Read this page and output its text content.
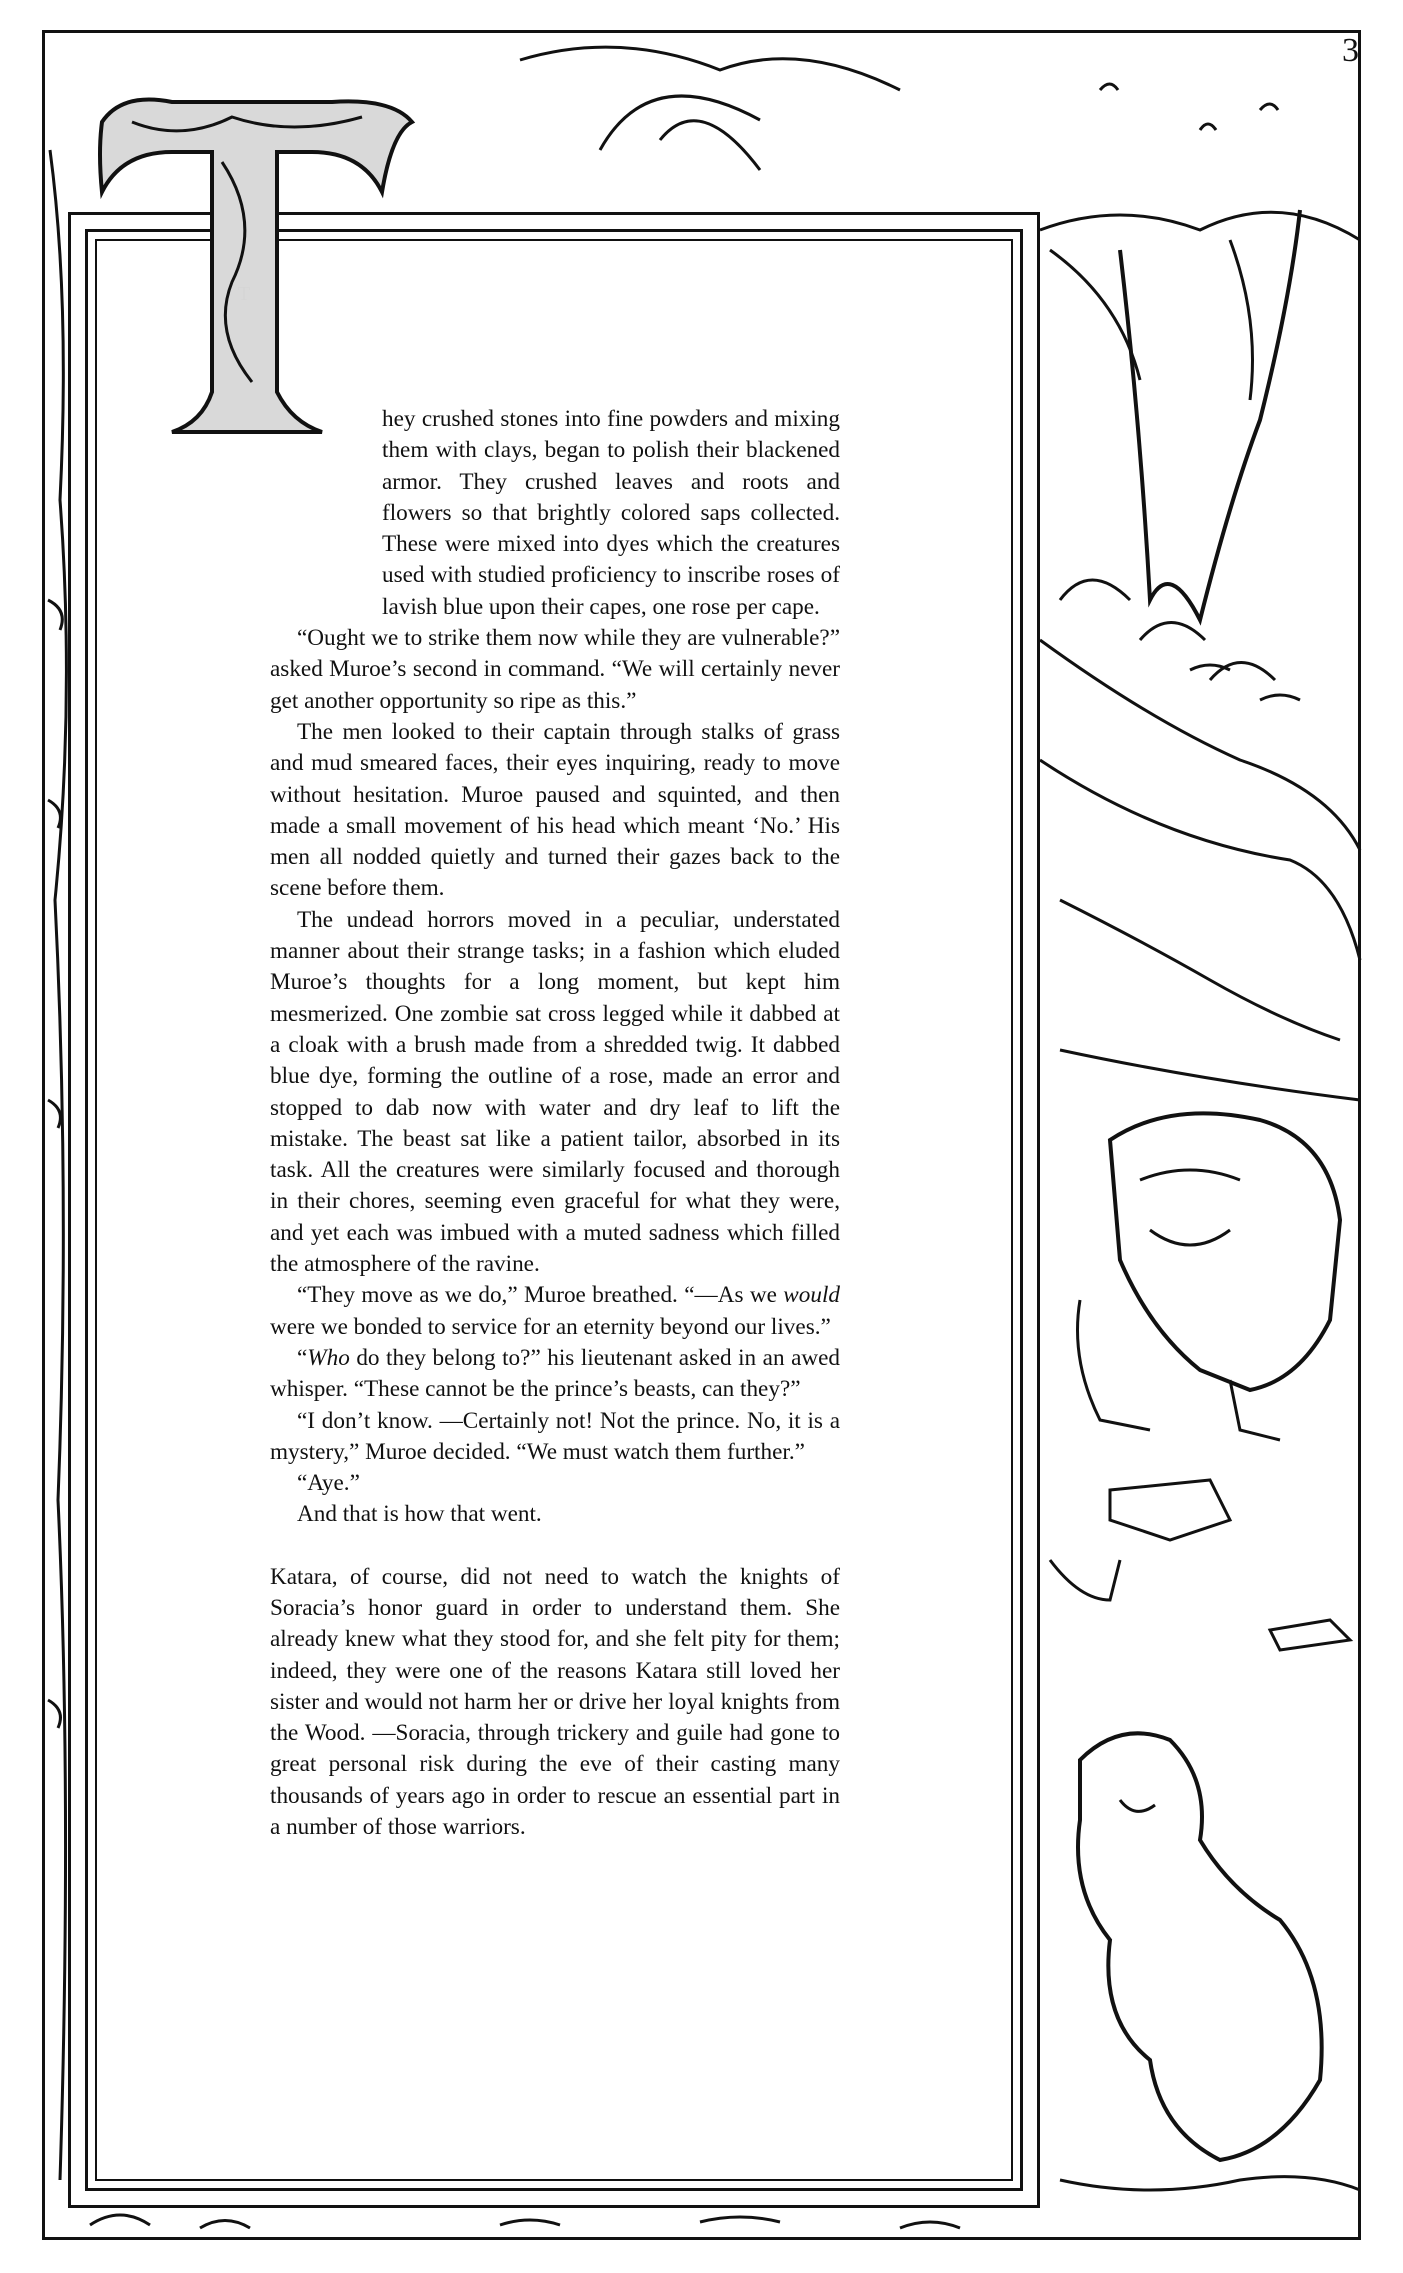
3

hey crushed stones into fine powders and mixing them with clays, began to polish their blackened armor. They crushed leaves and roots and flowers so that brightly colored saps collected. These were mixed into dyes which the creatures used with studied proficiency to inscribe roses of lavish blue upon their capes, one rose per cape.

“Ought we to strike them now while they are vulnerable?” asked Muroe’s second in command. “We will certainly never get another opportunity so ripe as this.”

The men looked to their captain through stalks of grass and mud smeared faces, their eyes inquiring, ready to move without hesitation. Muroe paused and squinted, and then made a small movement of his head which meant ‘No.’ His men all nodded quietly and turned their gazes back to the scene before them.

The undead horrors moved in a peculiar, understated manner about their strange tasks; in a fashion which eluded Muroe’s thoughts for a long moment, but kept him mesmerized. One zombie sat cross legged while it dabbed at a cloak with a brush made from a shredded twig. It dabbed blue dye, forming the outline of a rose, made an error and stopped to dab now with water and dry leaf to lift the mistake. The beast sat like a patient tailor, absorbed in its task. All the creatures were similarly focused and thorough in their chores, seeming even graceful for what they were, and yet each was imbued with a muted sadness which filled the atmosphere of the ravine.

“They move as we do,” Muroe breathed. “—As we would were we bonded to service for an eternity beyond our lives.”

“Who do they belong to?” his lieutenant asked in an awed whisper. “These cannot be the prince’s beasts, can they?”

“I don’t know. —Certainly not! Not the prince. No, it is a mystery,” Muroe decided. “We must watch them further.”

“Aye.”

And that is how that went.

Katara, of course, did not need to watch the knights of Soracia’s honor guard in order to understand them. She already knew what they stood for, and she felt pity for them; indeed, they were one of the reasons Katara still loved her sister and would not harm her or drive her loyal knights from the Wood. —Soracia, through trickery and guile had gone to great personal risk during the eve of their casting many thousands of years ago in order to rescue an essential part in a number of those warriors.
